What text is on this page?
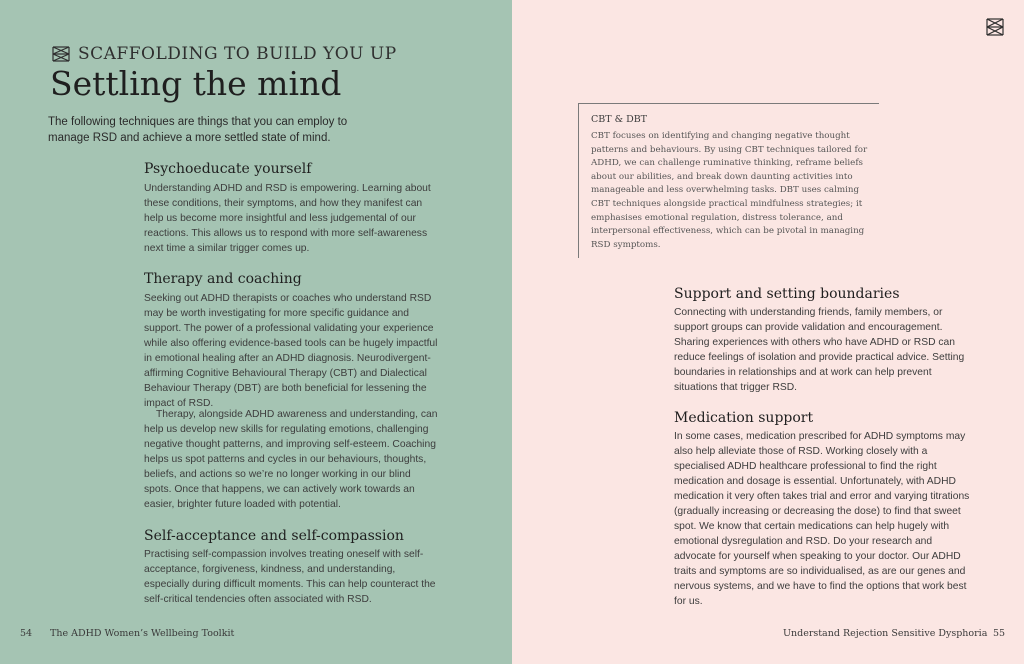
SCAFFOLDING TO BUILD YOU UP
Settling the mind
The following techniques are things that you can employ to manage RSD and achieve a more settled state of mind.
Psychoeducate yourself
Understanding ADHD and RSD is empowering. Learning about these conditions, their symptoms, and how they manifest can help us become more insightful and less judgemental of our reactions. This allows us to respond with more self-awareness next time a similar trigger comes up.
Therapy and coaching
Seeking out ADHD therapists or coaches who understand RSD may be worth investigating for more specific guidance and support. The power of a professional validating your experience while also offering evidence-based tools can be hugely impactful in emotional healing after an ADHD diagnosis. Neurodivergent-affirming Cognitive Behavioural Therapy (CBT) and Dialectical Behaviour Therapy (DBT) are both beneficial for lessening the impact of RSD.
Therapy, alongside ADHD awareness and understanding, can help us develop new skills for regulating emotions, challenging negative thought patterns, and improving self-esteem. Coaching helps us spot patterns and cycles in our behaviours, thoughts, beliefs, and actions so we’re no longer working in our blind spots. Once that happens, we can actively work towards an easier, brighter future loaded with potential.
Self-acceptance and self-compassion
Practising self-compassion involves treating oneself with self-acceptance, forgiveness, kindness, and understanding, especially during difficult moments. This can help counteract the self-critical tendencies often associated with RSD.
54 The ADHD Women’s Wellbeing Toolkit
CBT & DBT
CBT focuses on identifying and changing negative thought patterns and behaviours. By using CBT techniques tailored for ADHD, we can challenge ruminative thinking, reframe beliefs about our abilities, and break down daunting activities into manageable and less overwhelming tasks. DBT uses calming CBT techniques alongside practical mindfulness strategies; it emphasises emotional regulation, distress tolerance, and interpersonal effectiveness, which can be pivotal in managing RSD symptoms.
Support and setting boundaries
Connecting with understanding friends, family members, or support groups can provide validation and encouragement. Sharing experiences with others who have ADHD or RSD can reduce feelings of isolation and provide practical advice. Setting boundaries in relationships and at work can help prevent situations that trigger RSD.
Medication support
In some cases, medication prescribed for ADHD symptoms may also help alleviate those of RSD. Working closely with a specialised ADHD healthcare professional to find the right medication and dosage is essential. Unfortunately, with ADHD medication it very often takes trial and error and varying titrations (gradually increasing or decreasing the dose) to find that sweet spot. We know that certain medications can help hugely with emotional dysregulation and RSD. Do your research and advocate for yourself when speaking to your doctor. Our ADHD traits and symptoms are so individualised, as are our genes and nervous systems, and we have to find the options that work best for us.
Understand Rejection Sensitive Dysphoria 55
